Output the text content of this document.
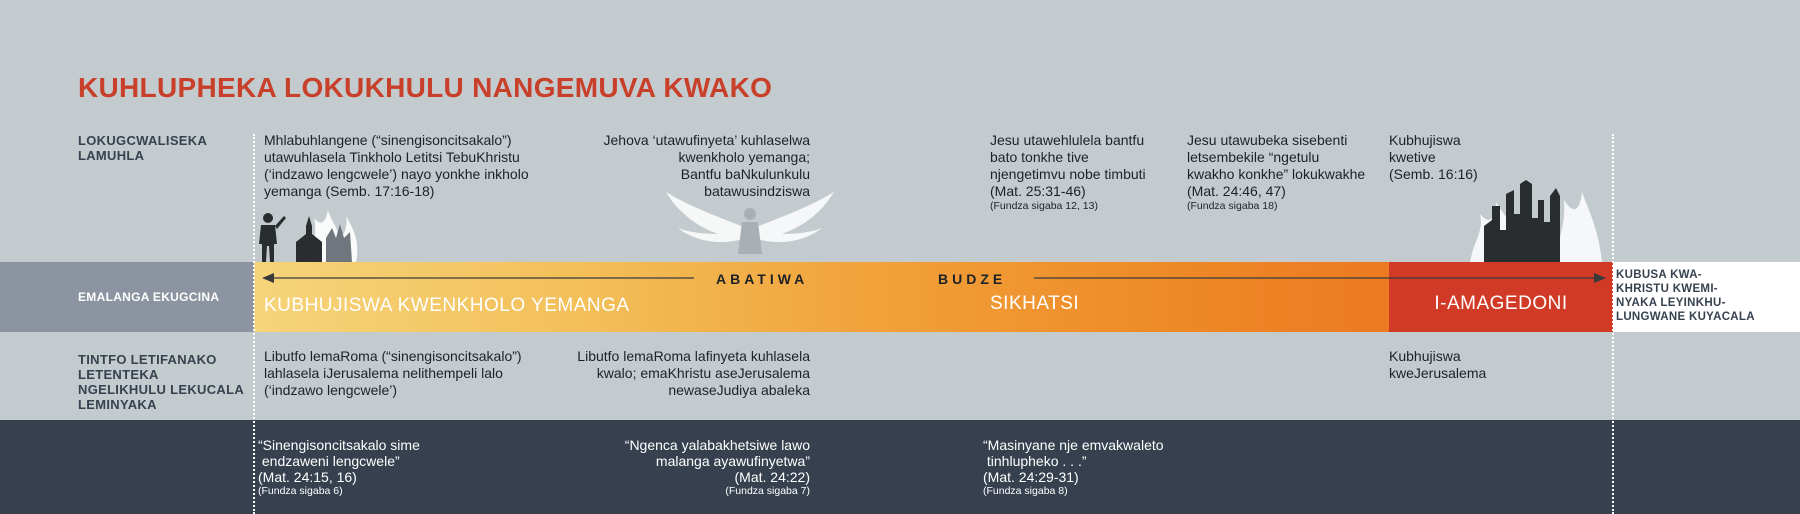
KUHLUPHEKA LOKUKHULU NANGEMUVA KWAKO
LOKUGCWALISEKA
LAMUHLA
TINTFO LETIFANAKO
LETENTEKA
NGELIKHULU LEKUCALA
LEMINYAKA
Mhlabuhlangene (“sinengisoncitsakalo”)
utawuhlasela Tinkholo Letitsi TebuKhristu
(‘indzawo lengcwele’) nayo yonkhe inkholo
yemanga (Semb. 17:16-18)
Jehova ‘utawufinyeta’ kuhlaselwa
kwenkholo yemanga;
Bantfu baNkulunkulu
batawusindziswa
Jesu utawehlulela bantfu
bato tonkhe tive
njengetimvu nobe timbuti
(Mat. 25:31-46)
(Fundza sigaba 12, 13)
Jesu utawubeka sisebenti
letsembekile “ngetulu
kwakho konkhe” lokukwakhe
(Mat. 24:46, 47)
(Fundza sigaba 18)
Kubhujiswa
kwetive
(Semb. 16:16)
EMALANGA EKUGCINA
KUBUSA KWA-
KHRISTU KWEMI-
NYAKA LEYINKHU-
LUNGWANE KUYACALA
KUBHUJISWA KWENKHOLO YEMANGA	SIKHATSI	I-AMAGEDONI
ABATIWA	BUDZE
Libutfo lemaRoma (“sinengisoncitsakalo”)
lahlasela iJerusalema nelithempeli lalo
(‘indzawo lengcwele’)
Libutfo lemaRoma lafinyeta kuhlasela
kwalo; emaKhristu aseJerusalema
newaseJudiya abaleka
Kubhujiswa
kweJerusalema
“Sinengisoncitsakalo sime
endzaweni lengcwele”
(Mat. 24:15, 16)
(Fundza sigaba 6)
“Ngenca yalabakhetsiwe lawo
malanga ayawufinyetwa”
(Mat. 24:22)
(Fundza sigaba 7)
“Masinyane nje emvakwaleto
tinhlupheko . . .”
(Mat. 24:29-31)
(Fundza sigaba 8)
